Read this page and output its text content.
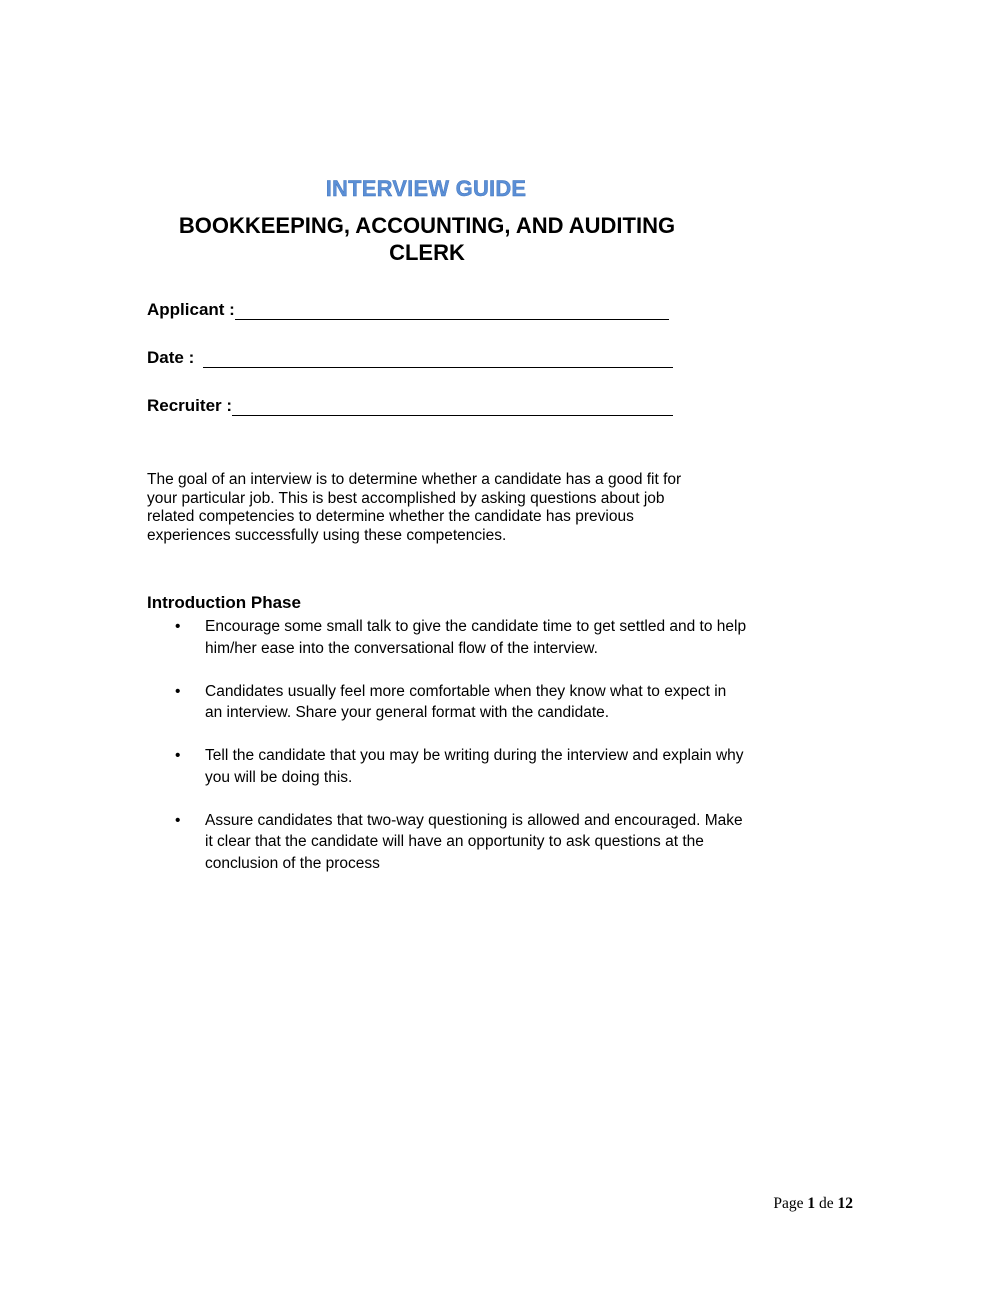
INTERVIEW GUIDE
BOOKKEEPING, ACCOUNTING, AND AUDITING CLERK
Applicant :
Date :
Recruiter :
The goal of an interview is to determine whether a candidate has a good fit for your particular job. This is best accomplished by asking questions about job related competencies to determine whether the candidate has previous experiences successfully using these competencies.
Introduction Phase
• Encourage some small talk to give the candidate time to get settled and to help him/her ease into the conversational flow of the interview.
• Candidates usually feel more comfortable when they know what to expect in an interview. Share your general format with the candidate.
• Tell the candidate that you may be writing during the interview and explain why you will be doing this.
• Assure candidates that two-way questioning is allowed and encouraged. Make it clear that the candidate will have an opportunity to ask questions at the conclusion of the process
Page 1 de 12
